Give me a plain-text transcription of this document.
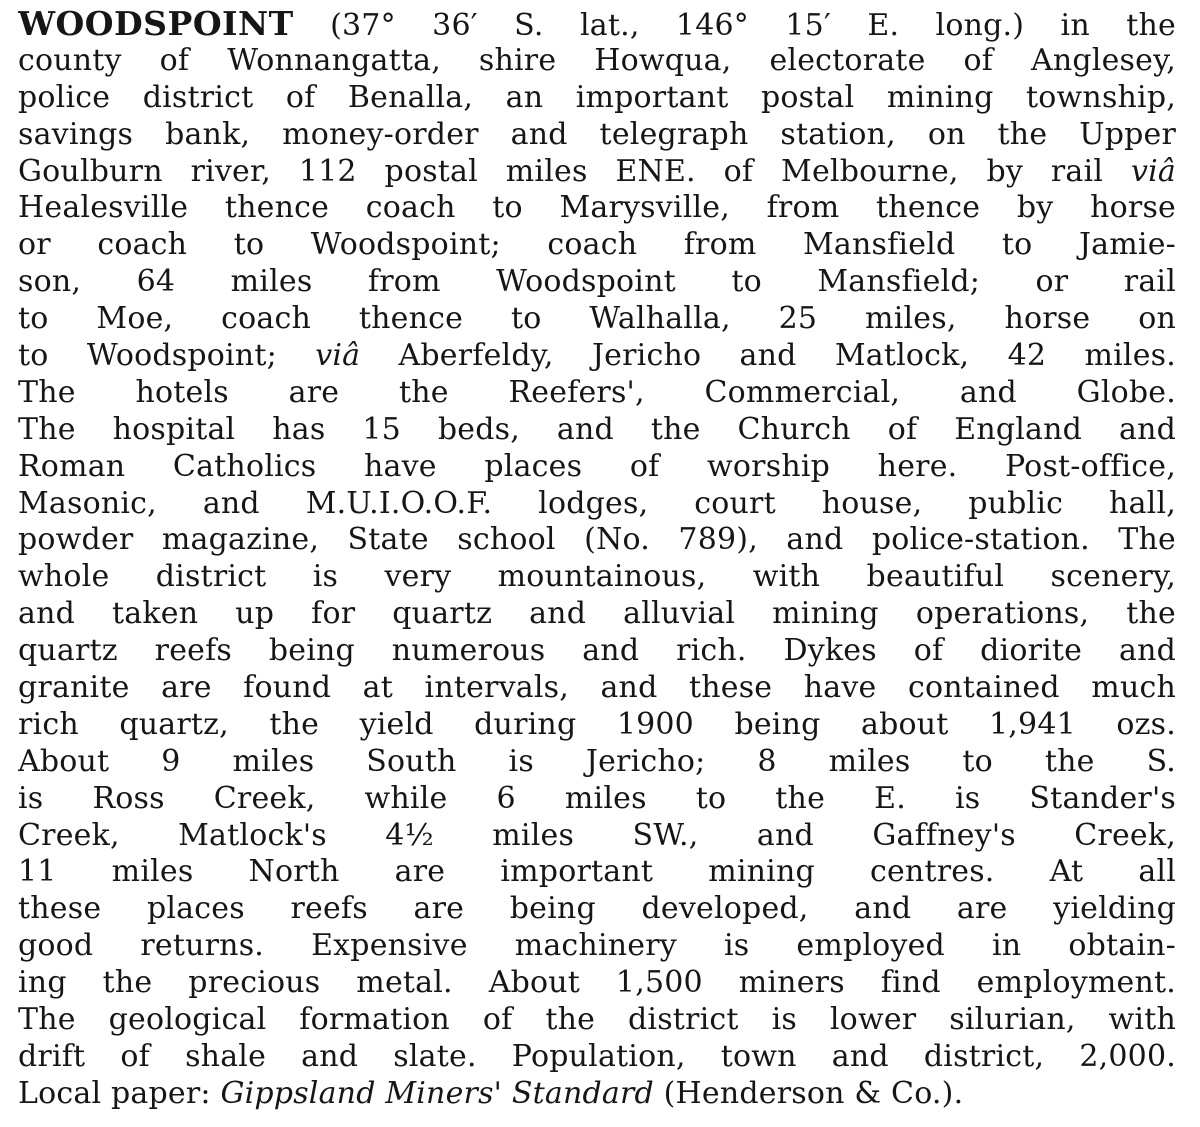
WOODSPOINT (37° 36′ S. lat., 146° 15′ E. long.) in the
county of Wonnangatta, shire Howqua, electorate of Anglesey,
police district of Benalla, an important postal mining township,
savings bank, money-order and telegraph station, on the Upper
Goulburn river, 112 postal miles ENE. of Melbourne, by rail viâ
Healesville thence coach to Marysville, from thence by horse
or coach to Woodspoint; coach from Mansfield to Jamie-
son, 64 miles from Woodspoint to Mansfield; or rail
to Moe, coach thence to Walhalla, 25 miles, horse on
to Woodspoint; viâ Aberfeldy, Jericho and Matlock, 42 miles.
The hotels are the Reefers', Commercial, and Globe.
The hospital has 15 beds, and the Church of England and
Roman Catholics have places of worship here. Post-office,
Masonic, and M.U.I.O.O.F. lodges, court house, public hall,
powder magazine, State school (No. 789), and police-station. The
whole district is very mountainous, with beautiful scenery,
and taken up for quartz and alluvial mining operations, the
quartz reefs being numerous and rich. Dykes of diorite and
granite are found at intervals, and these have contained much
rich quartz, the yield during 1900 being about 1,941 ozs.
About 9 miles South is Jericho; 8 miles to the S.
is Ross Creek, while 6 miles to the E. is Stander's
Creek, Matlock's 4½ miles SW., and Gaffney's Creek,
11 miles North are important mining centres. At all
these places reefs are being developed, and are yielding
good returns. Expensive machinery is employed in obtain-
ing the precious metal. About 1,500 miners find employment.
The geological formation of the district is lower silurian, with
drift of shale and slate. Population, town and district, 2,000.
Local paper: Gippsland Miners' Standard (Henderson & Co.).
